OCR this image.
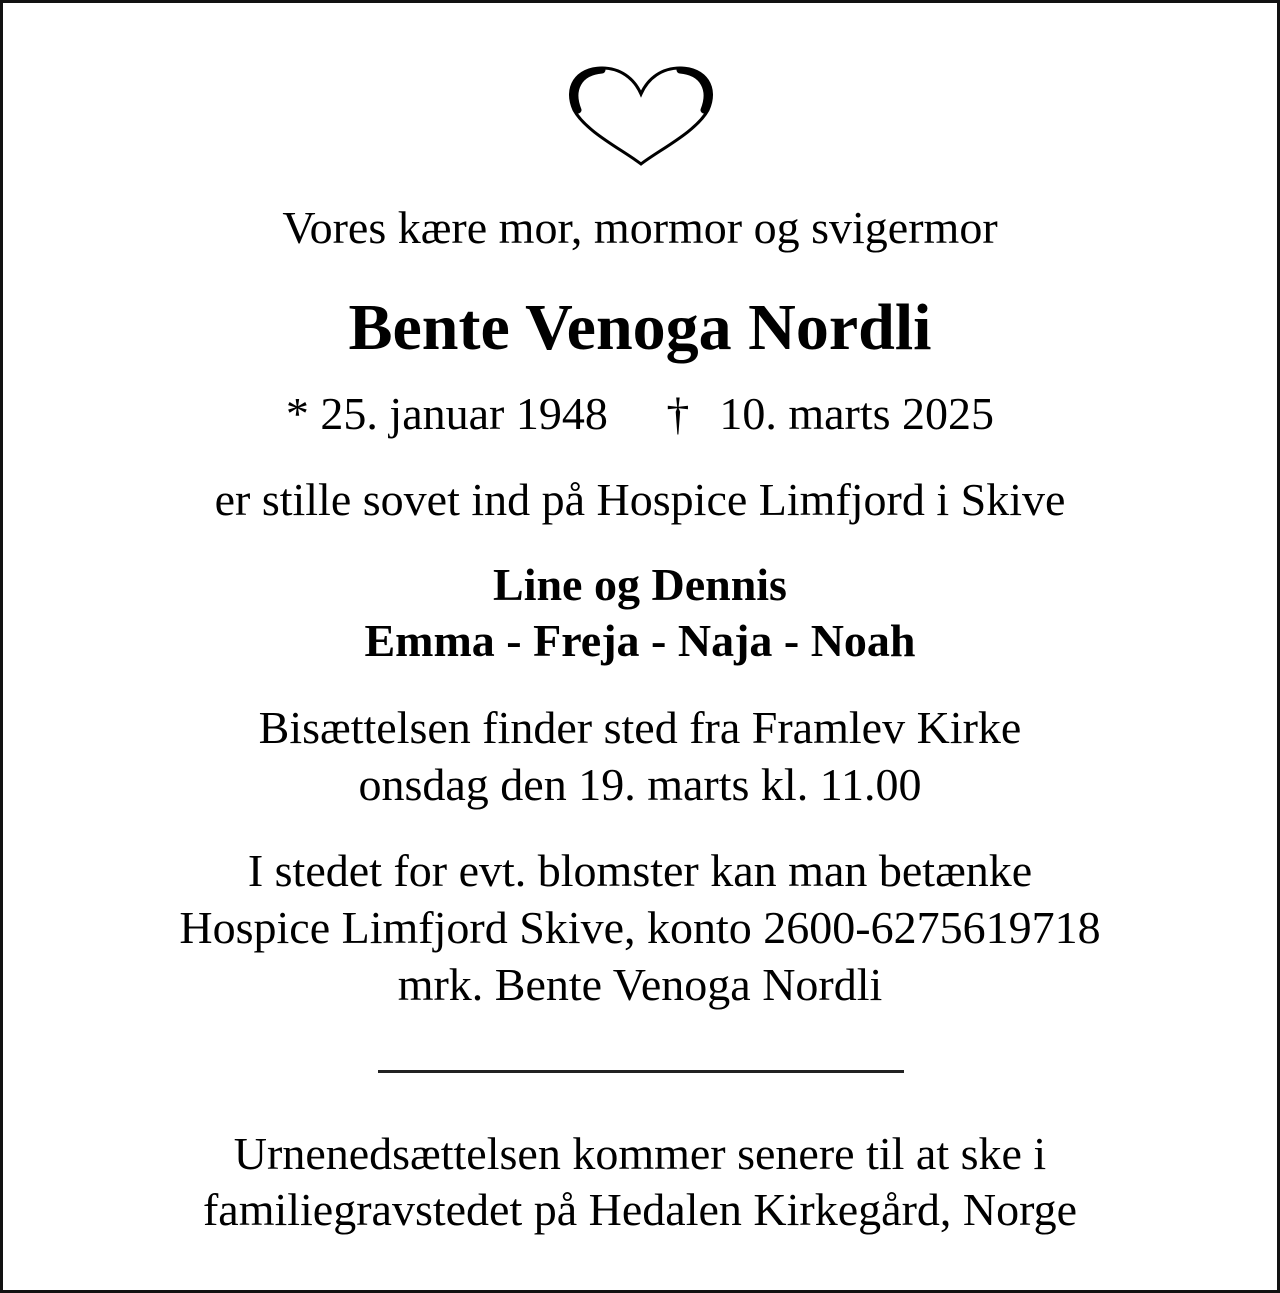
Vores kære mor, mormor og svigermor
Bente Venoga Nordli
* 25. januar 1948 † 10. marts 2025
er stille sovet ind på Hospice Limfjord i Skive
Line og Dennis
Emma - Freja - Naja - Noah
Bisættelsen finder sted fra Framlev Kirke
onsdag den 19. marts kl. 11.00
I stedet for evt. blomster kan man betænke
Hospice Limfjord Skive, konto 2600-6275619718
mrk. Bente Venoga Nordli
Urnenedsættelsen kommer senere til at ske i
familiegravstedet på Hedalen Kirkegård, Norge
